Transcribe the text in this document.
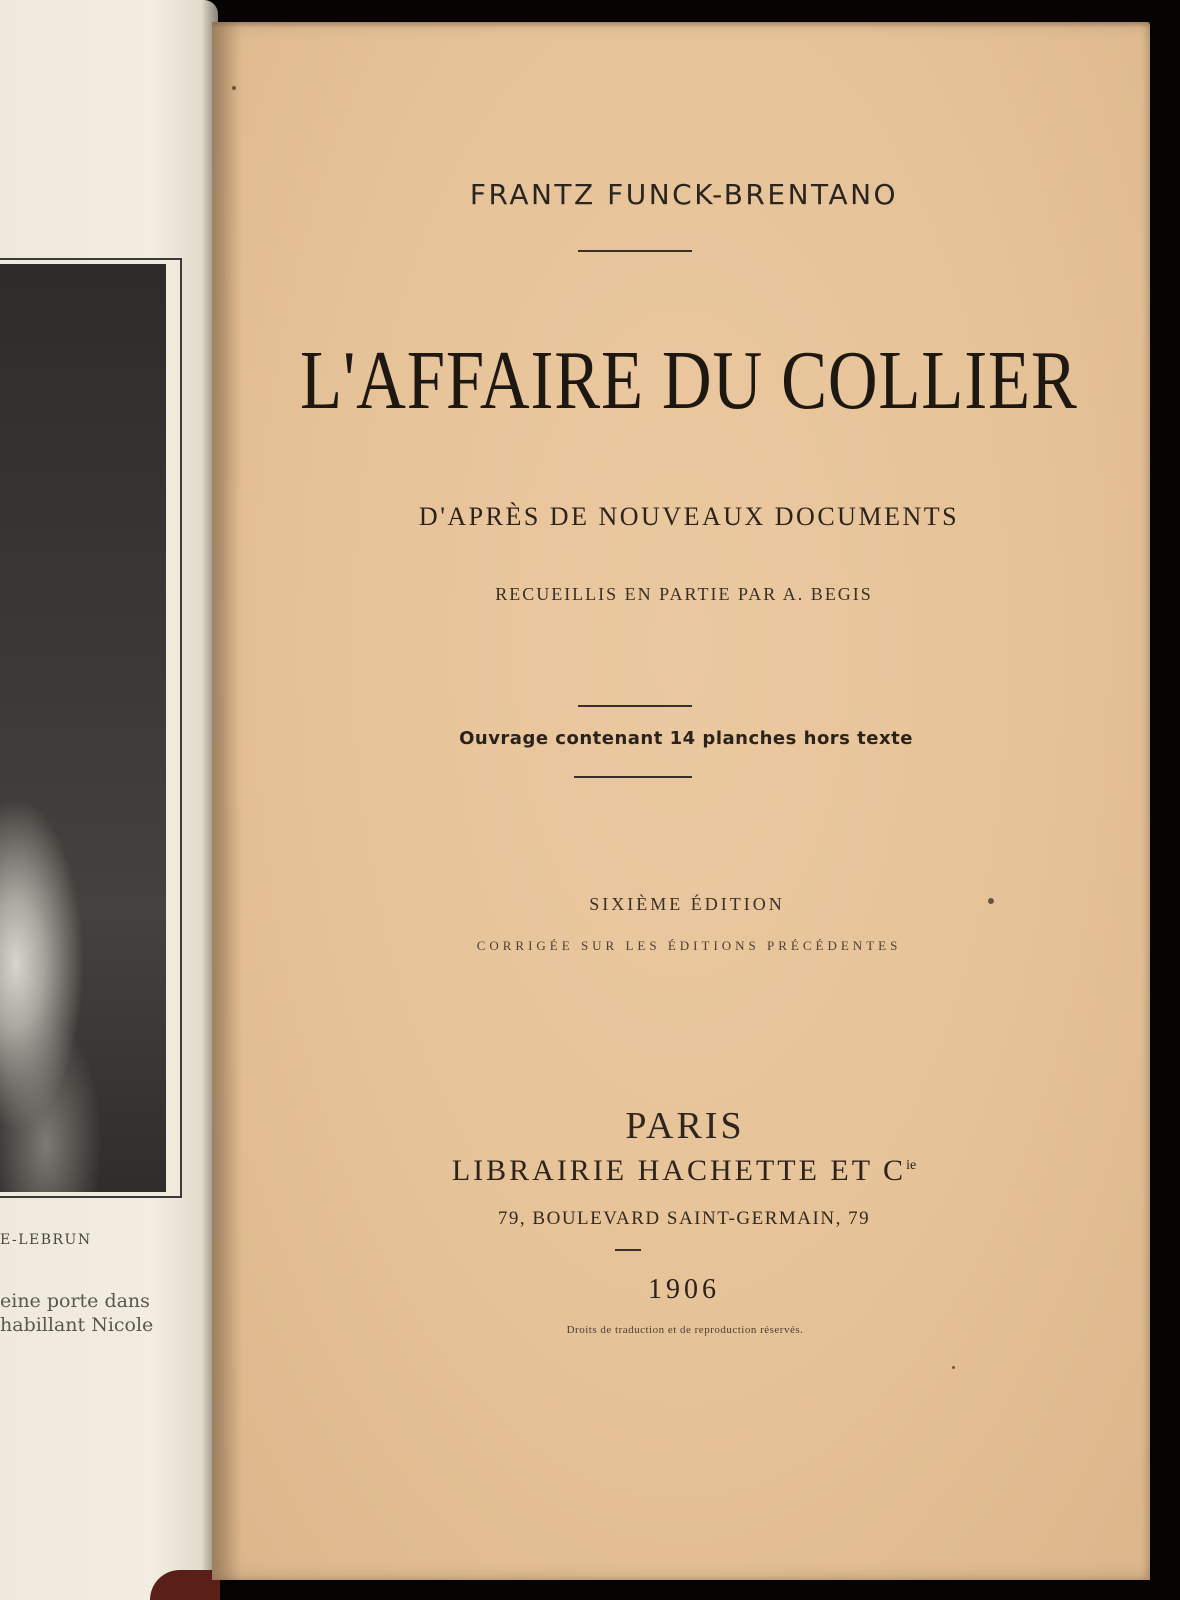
E-LEBRUN
eine porte dans
habillant Nicole
FRANTZ FUNCK-BRENTANO
L'AFFAIRE DU COLLIER
D'APRÈS DE NOUVEAUX DOCUMENTS
RECUEILLIS EN PARTIE PAR A. BEGIS
Ouvrage contenant 14 planches hors texte
SIXIÈME ÉDITION
CORRIGÉE SUR LES ÉDITIONS PRÉCÉDENTES
PARIS
LIBRAIRIE HACHETTE ET $C^{ie}$
79, BOULEVARD SAINT-GERMAIN, 79
1906
Droits de traduction et de reproduction réservés.
